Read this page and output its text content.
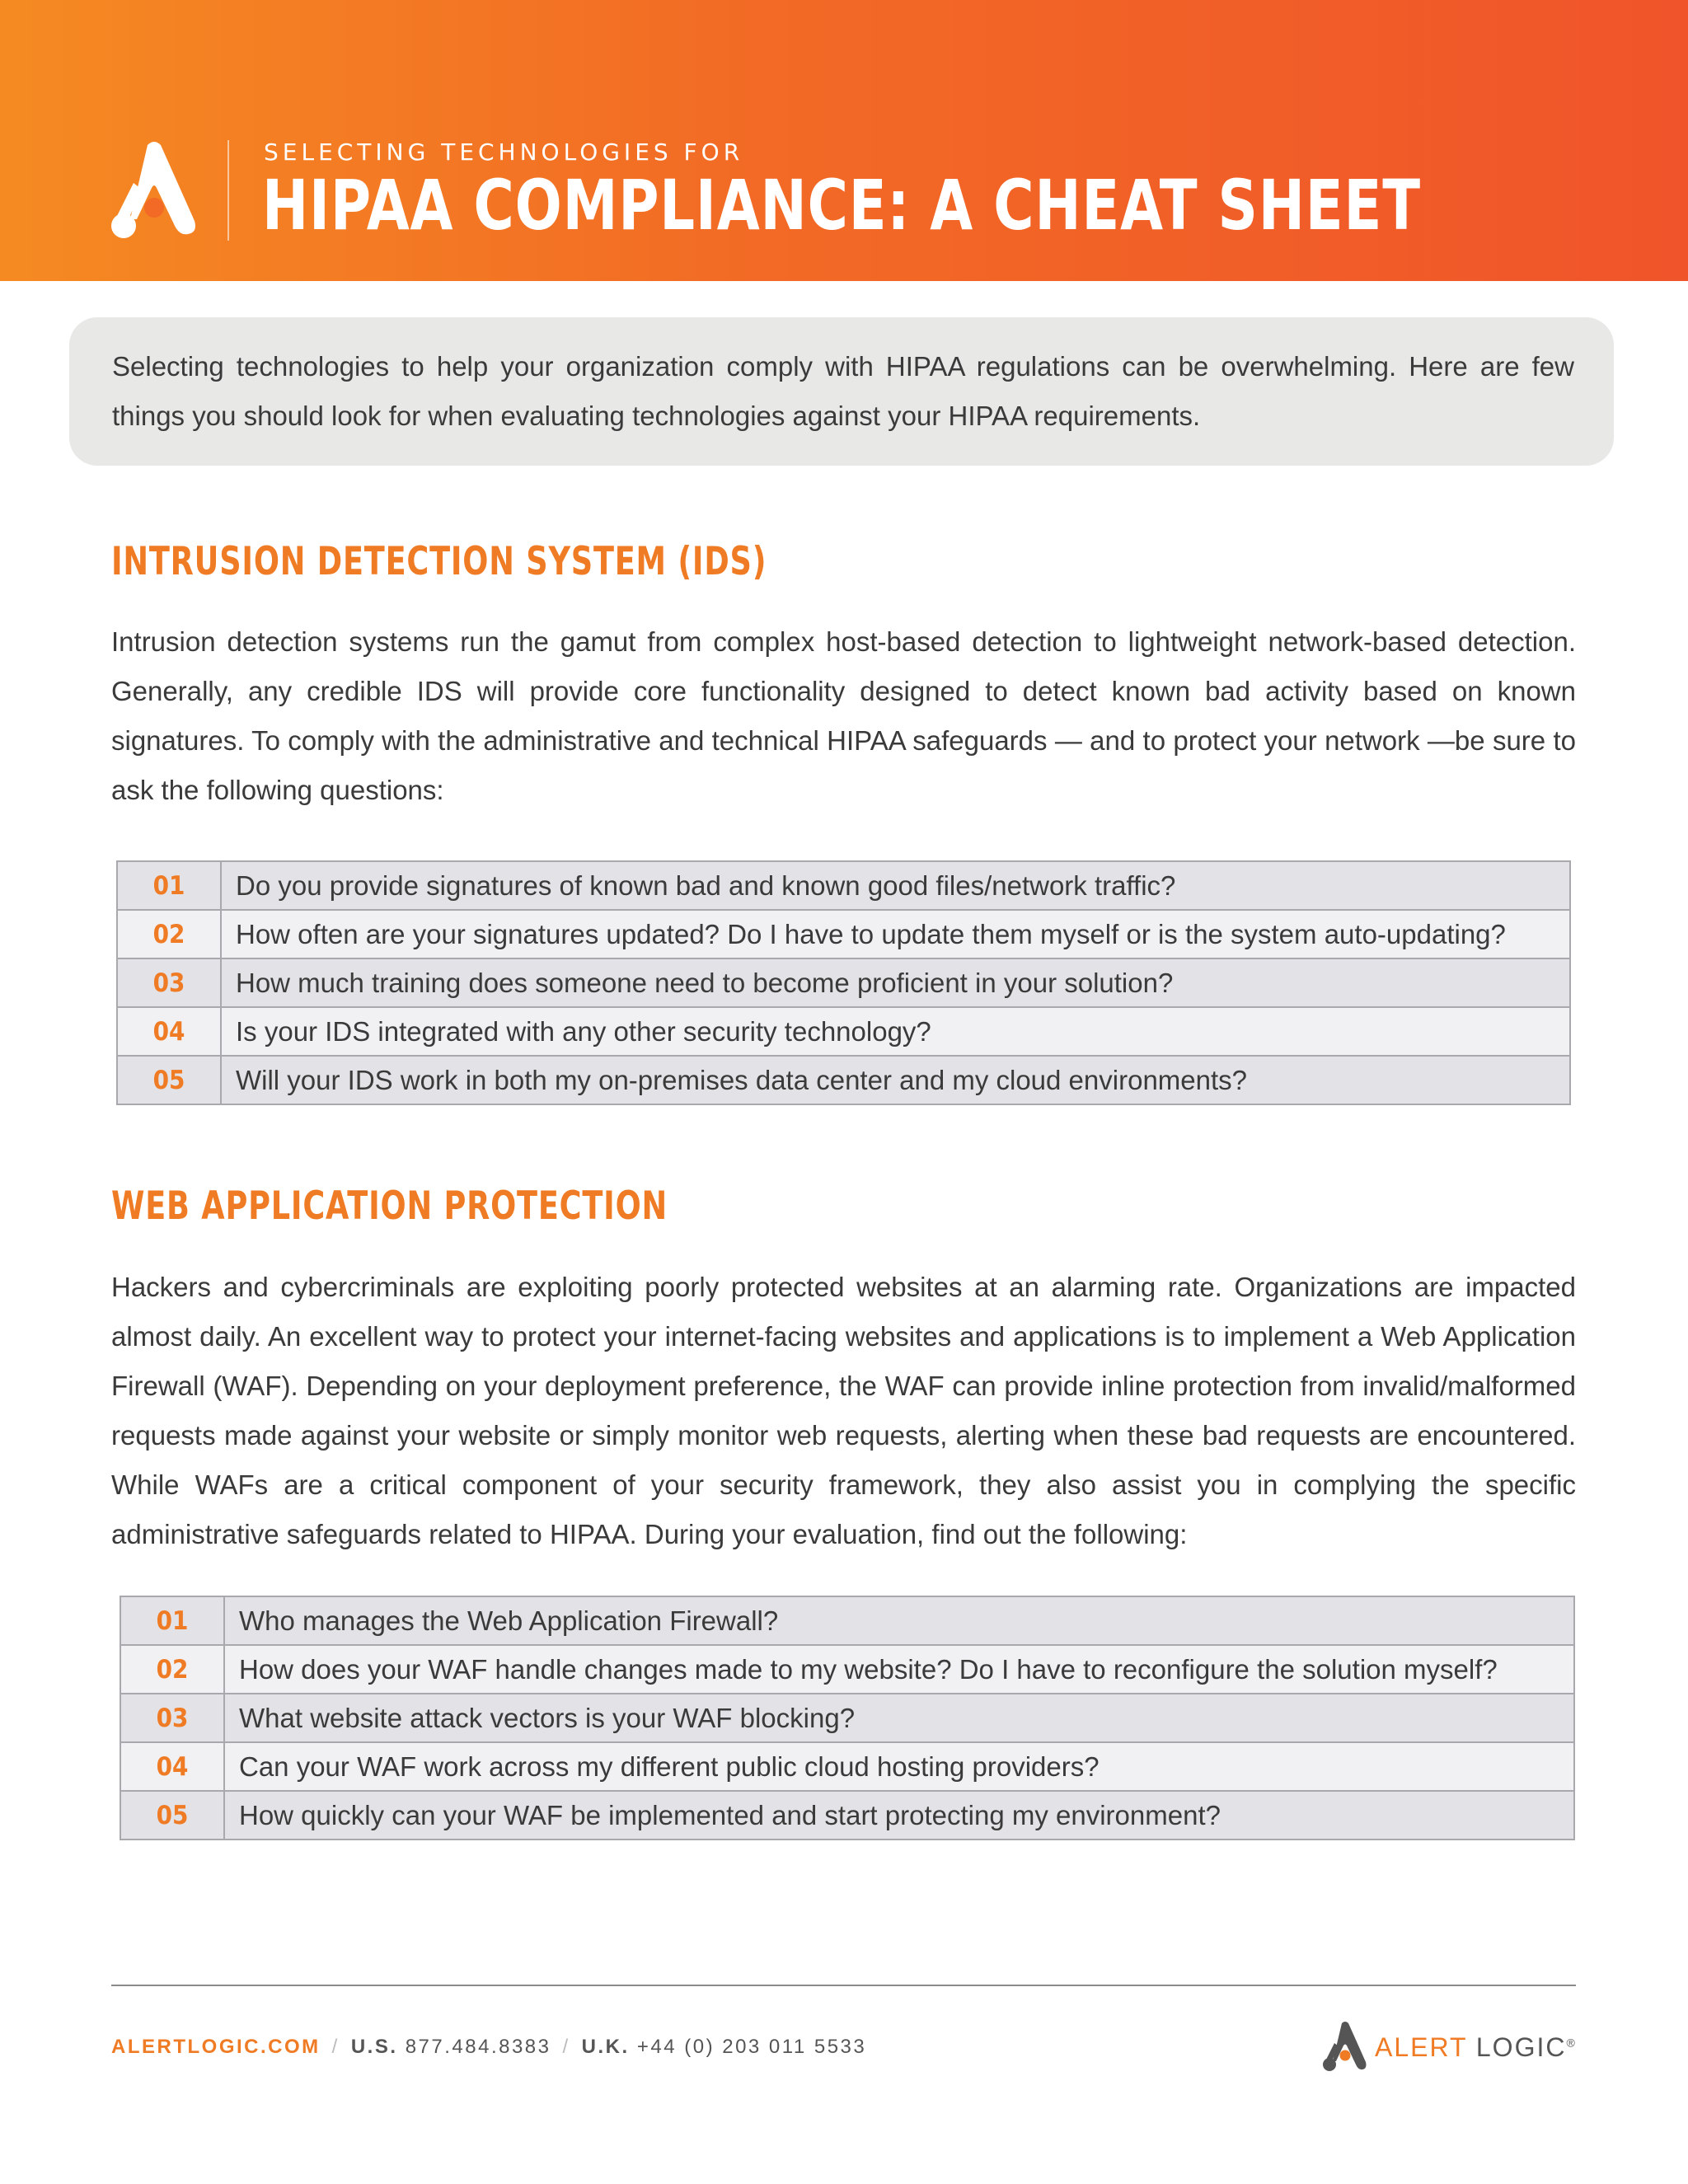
SELECTING TECHNOLOGIES FOR
HIPAA COMPLIANCE: A CHEAT SHEET

Selecting technologies to help your organization comply with HIPAA regulations can be overwhelming. Here are few things you should look for when evaluating technologies against your HIPAA requirements.

INTRUSION DETECTION SYSTEM (IDS)

Intrusion detection systems run the gamut from complex host-based detection to lightweight network-based detection. Generally, any credible IDS will provide core functionality designed to detect known bad activity based on known signatures. To comply with the administrative and technical HIPAA safeguards — and to protect your network —be sure to ask the following questions:

01	Do you provide signatures of known bad and known good files/network traffic?
02	How often are your signatures updated? Do I have to update them myself or is the system auto-updating?
03	How much training does someone need to become proficient in your solution?
04	Is your IDS integrated with any other security technology?
05	Will your IDS work in both my on-premises data center and my cloud environments?
WEB APPLICATION PROTECTION

Hackers and cybercriminals are exploiting poorly protected websites at an alarming rate. Organizations are impacted almost daily. An excellent way to protect your internet-facing websites and applications is to implement a Web Application Firewall (WAF). Depending on your deployment preference, the WAF can provide inline protection from invalid/malformed requests made against your website or simply monitor web requests, alerting when these bad requests are encountered. While WAFs are a critical component of your security framework, they also assist you in complying the specific administrative safeguards related to HIPAA. During your evaluation, find out the following:

01	Who manages the Web Application Firewall?
02	How does your WAF handle changes made to my website? Do I have to reconfigure the solution myself?
03	What website attack vectors is your WAF blocking?
04	Can your WAF work across my different public cloud hosting providers?
05	How quickly can your WAF be implemented and start protecting my environment?
ALERTLOGIC.COM / U.S. 877.484.8383 / U.K. +44 (0) 203 011 5533	ALERT LOGIC®
